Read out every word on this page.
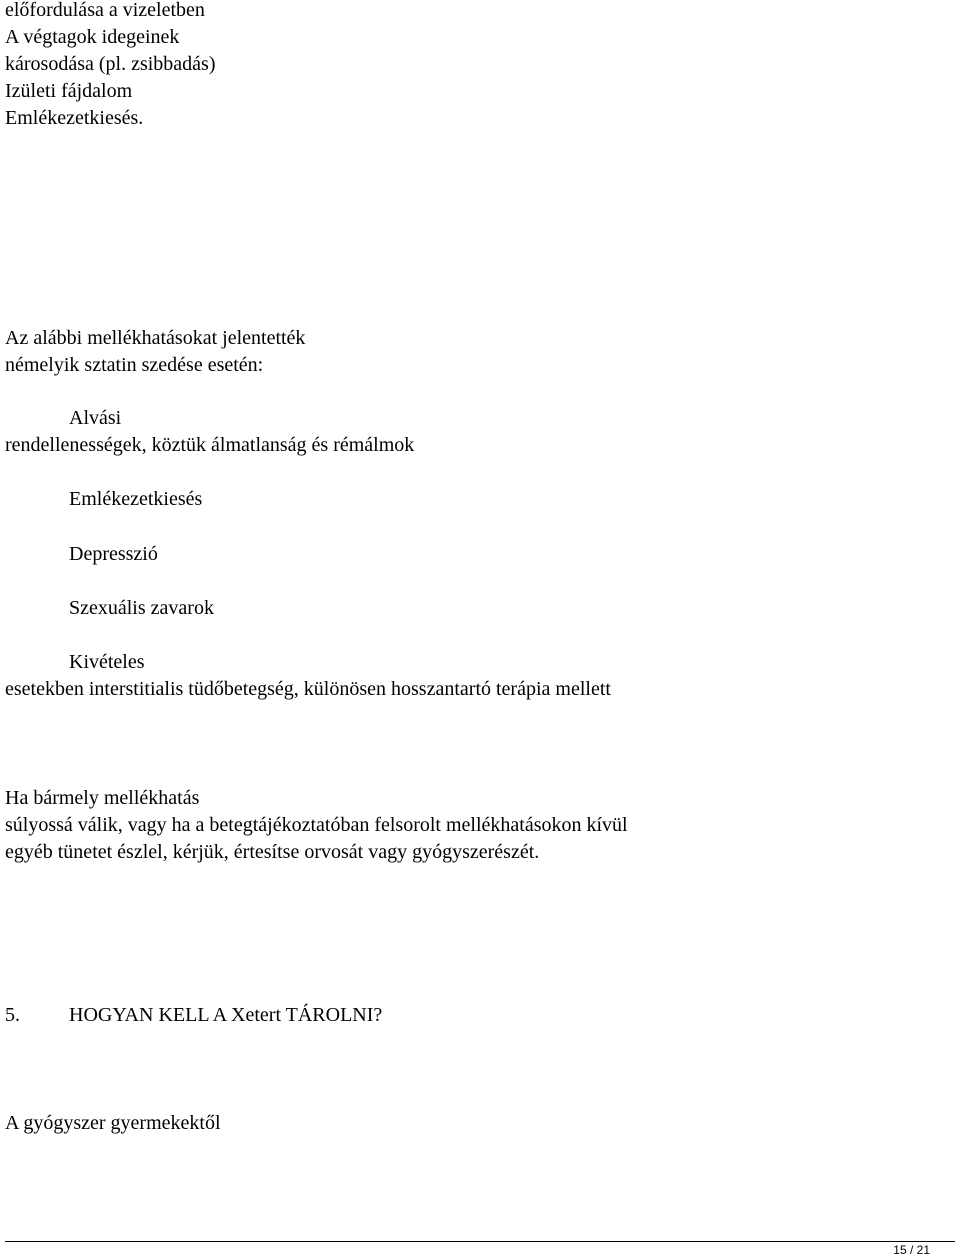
előfordulása a vizeletben

A végtagok idegeinek

károsodása (pl. zsibbadás)

Izületi fájdalom

Emlékezetkiesés.

Az alábbi mellékhatásokat jelentették

némelyik sztatin szedése esetén:

Alvási

rendellenességek, köztük álmatlanság és rémálmok

Emlékezetkiesés

Depresszió

Szexuális zavarok

Kivételes

esetekben interstitialis tüdőbetegség, különösen hosszantartó terápia mellett

Ha bármely mellékhatás

súlyossá válik, vagy ha a betegtájékoztatóban felsorolt mellékhatásokon kívül

egyéb tünetet észlel, kérjük, értesítse orvosát vagy gyógyszerészét.

5. HOGYAN KELL A Xetert TÁROLNI?

A gyógyszer gyermekektől

15 / 21
